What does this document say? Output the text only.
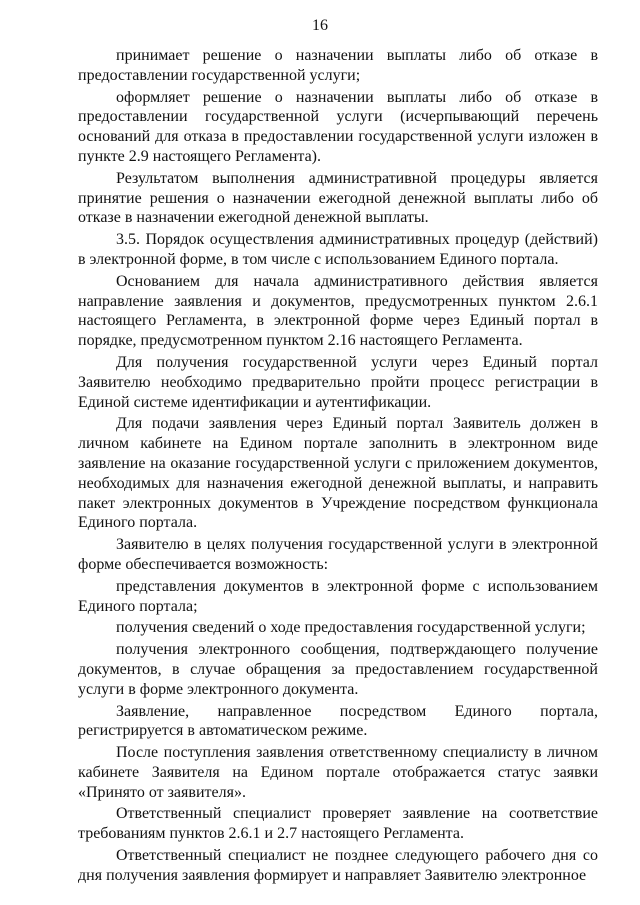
16

принимает решение о назначении выплаты либо об отказе в предоставлении государственной услуги;

оформляет решение о назначении выплаты либо об отказе в предоставлении государственной услуги (исчерпывающий перечень оснований для отказа в предоставлении государственной услуги изложен в пункте 2.9 настоящего Регламента).

Результатом выполнения административной процедуры является принятие решения о назначении ежегодной денежной выплаты либо об отказе в назначении ежегодной денежной выплаты.

3.5. Порядок осуществления административных процедур (действий) в электронной форме, в том числе с использованием Единого портала.

Основанием для начала административного действия является направление заявления и документов, предусмотренных пунктом 2.6.1 настоящего Регламента, в электронной форме через Единый портал в порядке, предусмотренном пунктом 2.16 настоящего Регламента.

Для получения государственной услуги через Единый портал Заявителю необходимо предварительно пройти процесс регистрации в Единой системе идентификации и аутентификации.

Для подачи заявления через Единый портал Заявитель должен в личном кабинете на Едином портале заполнить в электронном виде заявление на оказание государственной услуги с приложением документов, необходимых для назначения ежегодной денежной выплаты, и направить пакет электронных документов в Учреждение посредством функционала Единого портала.

Заявителю в целях получения государственной услуги в электронной форме обеспечивается возможность:

представления документов в электронной форме с использованием Единого портала;

получения сведений о ходе предоставления государственной услуги;

получения электронного сообщения, подтверждающего получение документов, в случае обращения за предоставлением государственной услуги в форме электронного документа.

Заявление, направленное посредством Единого портала, регистрируется в автоматическом режиме.

После поступления заявления ответственному специалисту в личном кабинете Заявителя на Едином портале отображается статус заявки «Принято от заявителя».

Ответственный специалист проверяет заявление на соответствие требованиям пунктов 2.6.1 и 2.7 настоящего Регламента.

Ответственный специалист не позднее следующего рабочего дня со дня получения заявления формирует и направляет Заявителю электронное
